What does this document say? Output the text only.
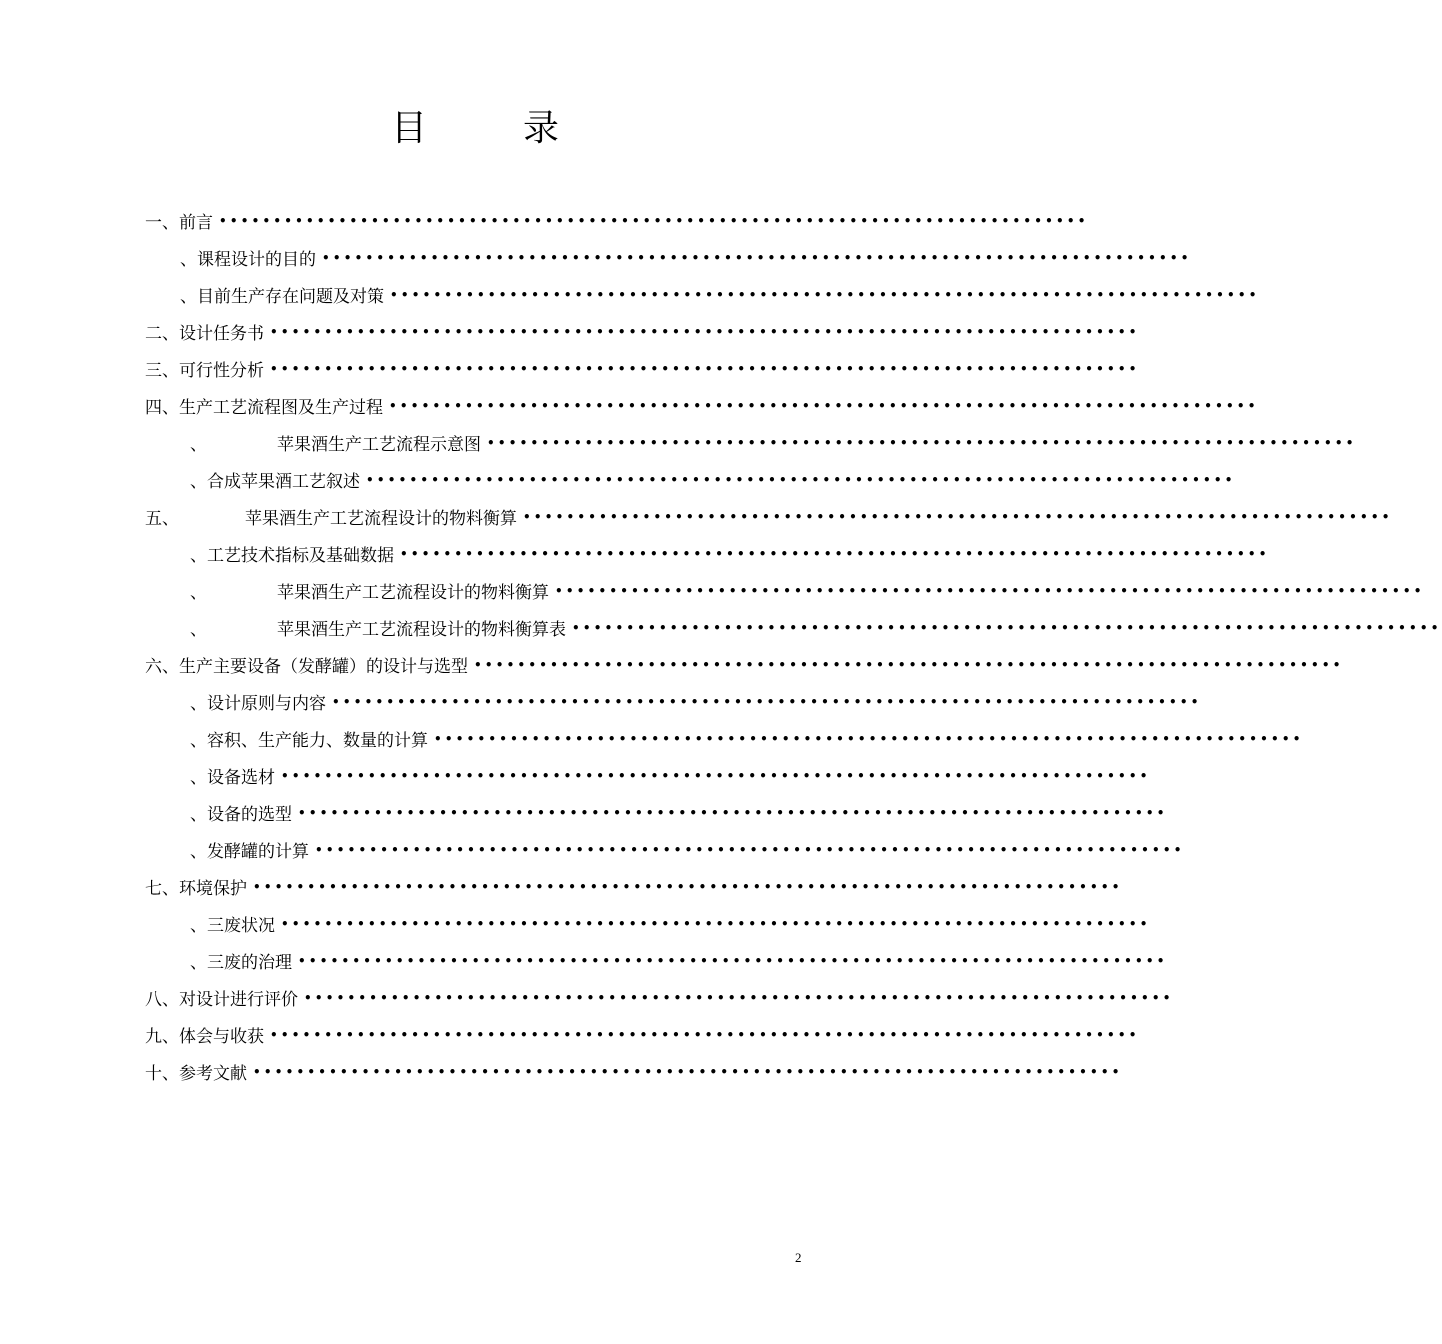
目　录
一、前言 ••••••••••••••••••••••••••••••••••••••••••••••••••••••••••••••••••••••••••••••••
、课程设计的目的 ••••••••••••••••••••••••••••••••••••••••••••••••••••••••••••••••••••••••••••••••
、目前生产存在问题及对策 ••••••••••••••••••••••••••••••••••••••••••••••••••••••••••••••••••••••••••••••••
二、设计任务书 ••••••••••••••••••••••••••••••••••••••••••••••••••••••••••••••••••••••••••••••••
三、可行性分析 ••••••••••••••••••••••••••••••••••••••••••••••••••••••••••••••••••••••••••••••••
四、生产工艺流程图及生产过程 ••••••••••••••••••••••••••••••••••••••••••••••••••••••••••••••••••••••••••••••••
、	苹果酒生产工艺流程示意图 ••••••••••••••••••••••••••••••••••••••••••••••••••••••••••••••••••••••••••••••••
、合成苹果酒工艺叙述 ••••••••••••••••••••••••••••••••••••••••••••••••••••••••••••••••••••••••••••••••
五、	苹果酒生产工艺流程设计的物料衡算 ••••••••••••••••••••••••••••••••••••••••••••••••••••••••••••••••••••••••••••••••
、工艺技术指标及基础数据 ••••••••••••••••••••••••••••••••••••••••••••••••••••••••••••••••••••••••••••••••
、	苹果酒生产工艺流程设计的物料衡算 ••••••••••••••••••••••••••••••••••••••••••••••••••••••••••••••••••••••••••••••••
、	苹果酒生产工艺流程设计的物料衡算表 ••••••••••••••••••••••••••••••••••••••••••••••••••••••••••••••••••••••••••••••••
六、生产主要设备（发酵罐）的设计与选型 ••••••••••••••••••••••••••••••••••••••••••••••••••••••••••••••••••••••••••••••••
、设计原则与内容 ••••••••••••••••••••••••••••••••••••••••••••••••••••••••••••••••••••••••••••••••
、容积、生产能力、数量的计算 ••••••••••••••••••••••••••••••••••••••••••••••••••••••••••••••••••••••••••••••••
、设备选材 ••••••••••••••••••••••••••••••••••••••••••••••••••••••••••••••••••••••••••••••••
、设备的选型 ••••••••••••••••••••••••••••••••••••••••••••••••••••••••••••••••••••••••••••••••
、发酵罐的计算 ••••••••••••••••••••••••••••••••••••••••••••••••••••••••••••••••••••••••••••••••
七、环境保护 ••••••••••••••••••••••••••••••••••••••••••••••••••••••••••••••••••••••••••••••••
、三废状况 ••••••••••••••••••••••••••••••••••••••••••••••••••••••••••••••••••••••••••••••••
、三废的治理 ••••••••••••••••••••••••••••••••••••••••••••••••••••••••••••••••••••••••••••••••
八、对设计进行评价 ••••••••••••••••••••••••••••••••••••••••••••••••••••••••••••••••••••••••••••••••
九、体会与收获 ••••••••••••••••••••••••••••••••••••••••••••••••••••••••••••••••••••••••••••••••
十、参考文献 ••••••••••••••••••••••••••••••••••••••••••••••••••••••••••••••••••••••••••••••••
2
